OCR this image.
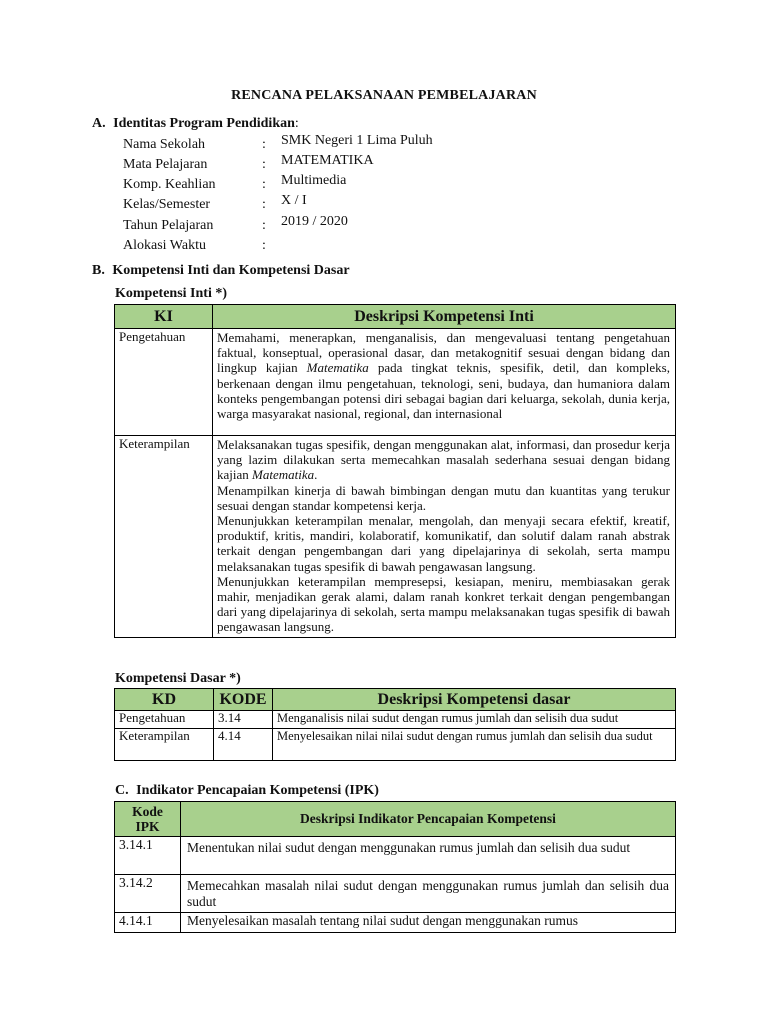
RENCANA PELAKSANAAN PEMBELAJARAN
A. Identitas Program Pendidikan:
Nama Sekolah	: SMK Negeri 1 Lima Puluh
Mata Pelajaran	: MATEMATIKA
Komp. Keahlian	: Multimedia
Kelas/Semester	: X / I
Tahun Pelajaran	: 2019 / 2020
Alokasi Waktu	:
B. Kompetensi Inti dan Kompetensi Dasar
Kompetensi Inti *)
KI	Deskripsi Kompetensi Inti
Pengetahuan	Memahami, menerapkan, menganalisis, dan mengevaluasi tentang pengetahuan faktual, konseptual, operasional dasar, dan metakognitif sesuai dengan bidang dan lingkup kajian Matematika pada tingkat teknis, spesifik, detil, dan kompleks, berkenaan dengan ilmu pengetahuan, teknologi, seni, budaya, dan humaniora dalam konteks pengembangan potensi diri sebagai bagian dari keluarga, sekolah, dunia kerja, warga masyarakat nasional, regional, dan internasional
Keterampilan	Melaksanakan tugas spesifik, dengan menggunakan alat, informasi, dan prosedur kerja yang lazim dilakukan serta memecahkan masalah sederhana sesuai dengan bidang kajian Matematika.
Menampilkan kinerja di bawah bimbingan dengan mutu dan kuantitas yang terukur sesuai dengan standar kompetensi kerja.
Menunjukkan keterampilan menalar, mengolah, dan menyaji secara efektif, kreatif, produktif, kritis, mandiri, kolaboratif, komunikatif, dan solutif dalam ranah abstrak terkait dengan pengembangan dari yang dipelajarinya di sekolah, serta mampu melaksanakan tugas spesifik di bawah pengawasan langsung.
Menunjukkan keterampilan mempresepsi, kesiapan, meniru, membiasakan gerak mahir, menjadikan gerak alami, dalam ranah konkret terkait dengan pengembangan dari yang dipelajarinya di sekolah, serta mampu melaksanakan tugas spesifik di bawah pengawasan langsung.
Kompetensi Dasar *)
KD	KODE	Deskripsi Kompetensi dasar
Pengetahuan	3.14	Menganalisis nilai sudut dengan rumus jumlah dan selisih dua sudut
Keterampilan	4.14	Menyelesaikan nilai nilai sudut dengan rumus jumlah dan selisih dua sudut
C. Indikator Pencapaian Kompetensi (IPK)
Kode IPK	Deskripsi Indikator Pencapaian Kompetensi
3.14.1	Menentukan nilai sudut dengan menggunakan rumus jumlah dan selisih dua sudut
3.14.2	Memecahkan masalah nilai sudut dengan menggunakan rumus jumlah dan selisih dua sudut
4.14.1	Menyelesaikan masalah tentang nilai sudut dengan menggunakan rumus
